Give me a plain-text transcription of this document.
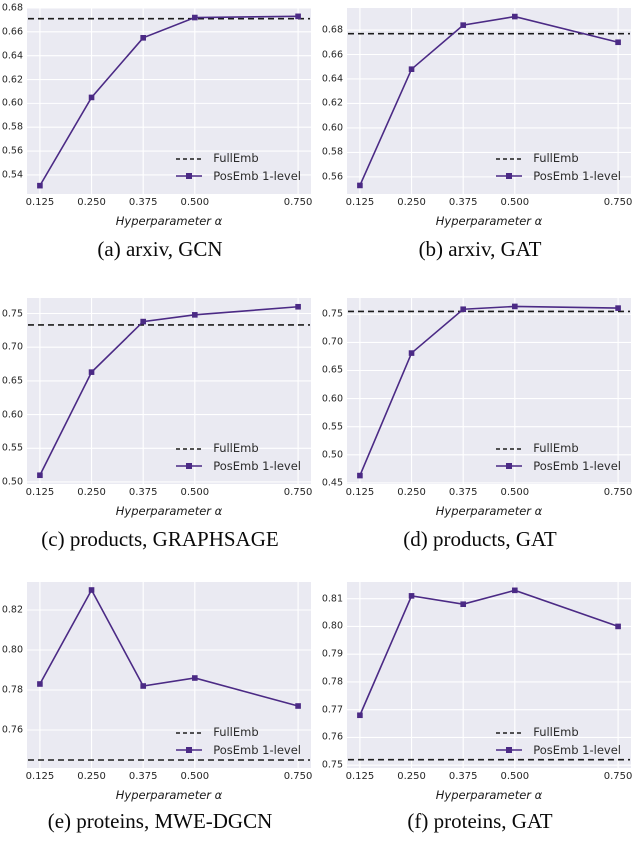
FullEmb
PosEmb 1-level
0.54
0.56
0.58
0.60
0.62
0.64
0.66
0.68
0.125 0.250 0.375 0.500	0.750
Hyperparameter α
(a) arxiv, GCN
FullEmb
PosEmb 1-level
0.56
0.58
0.60
0.62
0.64
0.66
0.68
0.125 0.250 0.375 0.500	0.750
Hyperparameter α
(b) arxiv, GAT
FullEmb
PosEmb 1-level
0.50
0.55
0.60
0.65
0.70
0.75
0.125 0.250 0.375 0.500	0.750
Hyperparameter α
(c) products, GRAPHSAGE
FullEmb
PosEmb 1-level
0.45
0.50
0.55
0.60
0.65
0.70
0.75
0.125 0.250 0.375 0.500	0.750
Hyperparameter α
(d) products, GAT
FullEmb
PosEmb 1-level
0.76
0.78
0.80
0.82
0.125 0.250 0.375 0.500	0.750
Hyperparameter α
(e) proteins, MWE-DGCN
FullEmb
PosEmb 1-level
0.75
0.76
0.77
0.78
0.79
0.80
0.81
0.125 0.250 0.375 0.500	0.750
Hyperparameter α
(f) proteins, GAT
